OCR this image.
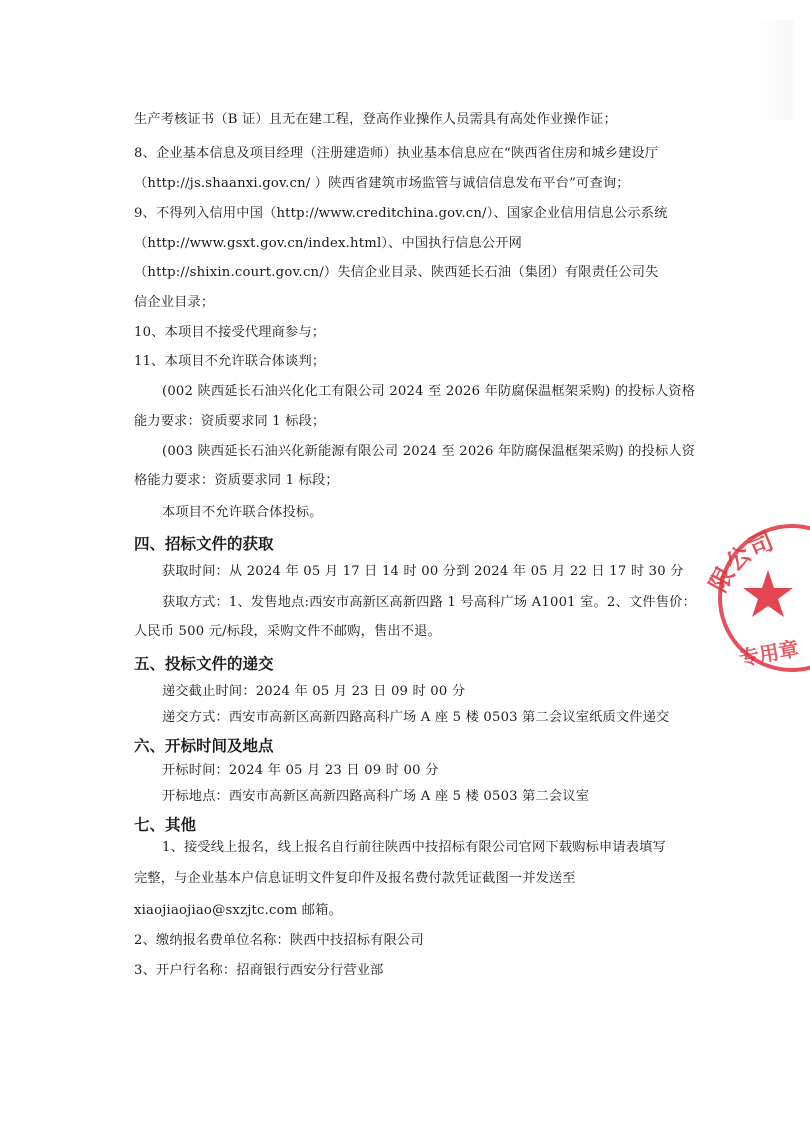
生产考核证书（B 证）且无在建工程，登高作业操作人员需具有高处作业操作证；
8、企业基本信息及项目经理（注册建造师）执业基本信息应在“陕西省住房和城乡建设厅
（http://js.shaanxi.gov.cn/ ）陕西省建筑市场监管与诚信信息发布平台”可查询；
9、不得列入信用中国（http://www.creditchina.gov.cn/）、国家企业信用信息公示系统
（http://www.gsxt.gov.cn/index.html）、中国执行信息公开网
（http://shixin.court.gov.cn/）失信企业目录、陕西延长石油（集团）有限责任公司失
信企业目录；
10、本项目不接受代理商参与；
11、本项目不允许联合体谈判；
(002 陕西延长石油兴化化工有限公司 2024 至 2026 年防腐保温框架采购) 的投标人资格
能力要求：资质要求同 1 标段；
(003 陕西延长石油兴化新能源有限公司 2024 至 2026 年防腐保温框架采购) 的投标人资
格能力要求：资质要求同 1 标段；
本项目不允许联合体投标。
四、招标文件的获取
获取时间：从 2024 年 05 月 17 日 14 时 00 分到 2024 年 05 月 22 日 17 时 30 分
获取方式：1、发售地点:西安市高新区高新四路 1 号高科广场 A1001 室。2、文件售价：
人民币 500 元/标段，采购文件不邮购，售出不退。
五、投标文件的递交
递交截止时间：2024 年 05 月 23 日 09 时 00 分
递交方式：西安市高新区高新四路高科广场 A 座 5 楼 0503 第二会议室纸质文件递交
六、开标时间及地点
开标时间：2024 年 05 月 23 日 09 时 00 分
开标地点：西安市高新区高新四路高科广场 A 座 5 楼 0503 第二会议室
七、其他
1、接受线上报名，线上报名自行前往陕西中技招标有限公司官网下载购标申请表填写
完整，与企业基本户信息证明文件复印件及报名费付款凭证截图一并发送至
xiaojiaojiao@sxzjtc.com 邮箱。
2、缴纳报名费单位名称：陕西中技招标有限公司
3、开户行名称：招商银行西安分行营业部
限公司
专用章
